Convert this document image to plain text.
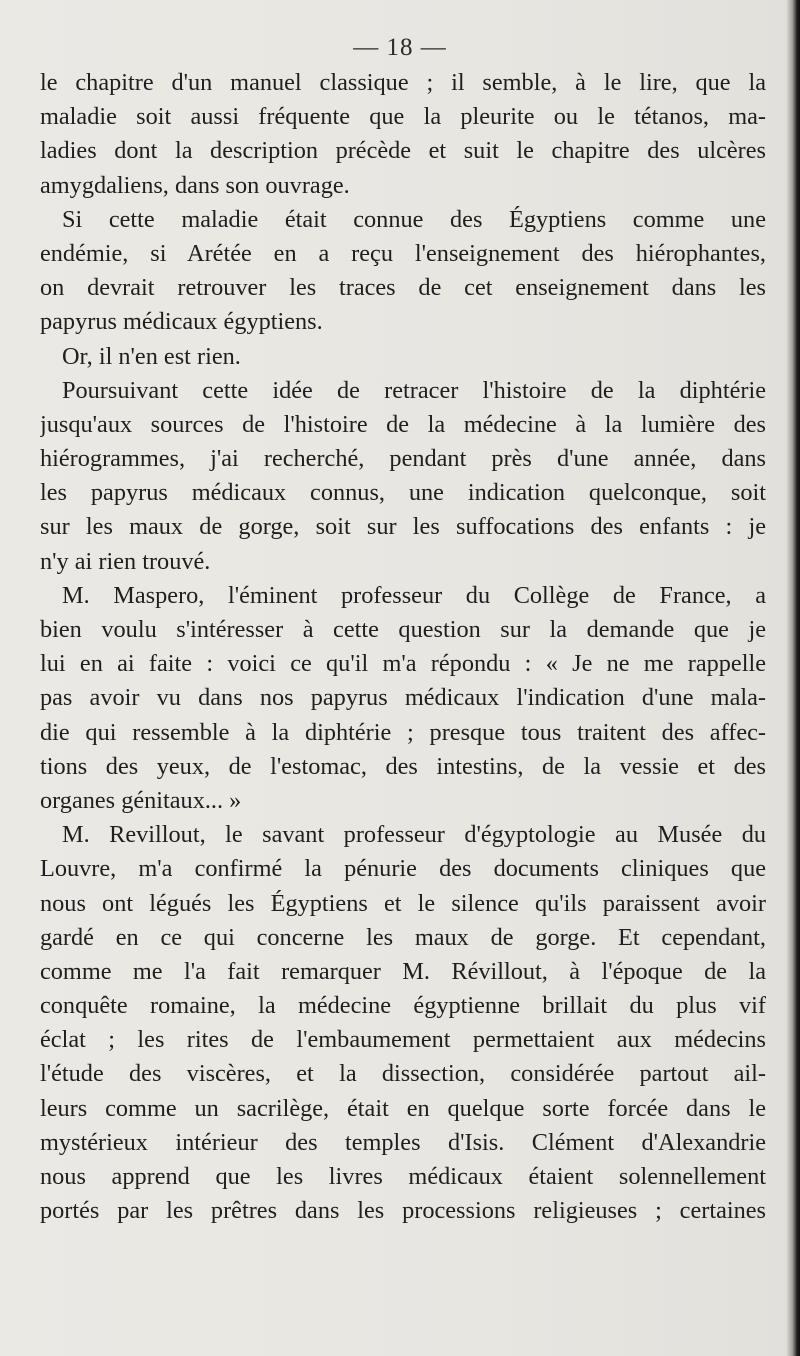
— 18 —
le chapitre d'un manuel classique ; il semble, à le lire, que la
maladie soit aussi fréquente que la pleurite ou le tétanos, ma-
ladies dont la description précède et suit le chapitre des ulcères
amygdaliens, dans son ouvrage.
Si cette maladie était connue des Égyptiens comme une
endémie, si Arétée en a reçu l'enseignement des hiérophantes,
on devrait retrouver les traces de cet enseignement dans les
papyrus médicaux égyptiens.
Or, il n'en est rien.
Poursuivant cette idée de retracer l'histoire de la diphtérie
jusqu'aux sources de l'histoire de la médecine à la lumière des
hiérogrammes, j'ai recherché, pendant près d'une année, dans
les papyrus médicaux connus, une indication quelconque, soit
sur les maux de gorge, soit sur les suffocations des enfants : je
n'y ai rien trouvé.
M. Maspero, l'éminent professeur du Collège de France, a
bien voulu s'intéresser à cette question sur la demande que je
lui en ai faite : voici ce qu'il m'a répondu : « Je ne me rappelle
pas avoir vu dans nos papyrus médicaux l'indication d'une mala-
die qui ressemble à la diphtérie ; presque tous traitent des affec-
tions des yeux, de l'estomac, des intestins, de la vessie et des
organes génitaux... »
M. Revillout, le savant professeur d'égyptologie au Musée du
Louvre, m'a confirmé la pénurie des documents cliniques que
nous ont légués les Égyptiens et le silence qu'ils paraissent avoir
gardé en ce qui concerne les maux de gorge. Et cependant,
comme me l'a fait remarquer M. Révillout, à l'époque de la
conquête romaine, la médecine égyptienne brillait du plus vif
éclat ; les rites de l'embaumement permettaient aux médecins
l'étude des viscères, et la dissection, considérée partout ail-
leurs comme un sacrilège, était en quelque sorte forcée dans le
mystérieux intérieur des temples d'Isis. Clément d'Alexandrie
nous apprend que les livres médicaux étaient solennellement
portés par les prêtres dans les processions religieuses ; certaines
